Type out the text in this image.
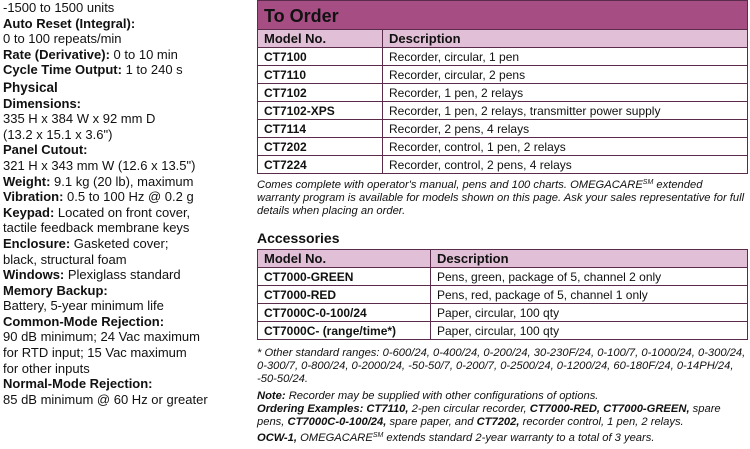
-1500 to 1500 units

Auto Reset (Integral):
0 to 100 repeats/min

Rate (Derivative): 0 to 10 min

Cycle Time Output: 1 to 240 s

Physical

Dimensions:
335 H x 384 W x 92 mm D
(13.2 x 15.1 x 3.6")

Panel Cutout:
321 H x 343 mm W (12.6 x 13.5")

Weight: 9.1 kg (20 lb), maximum

Vibration: 0.5 to 100 Hz @ 0.2 g

Keypad: Located on front cover,
tactile feedback membrane keys

Enclosure: Gasketed cover;
black, structural foam

Windows: Plexiglass standard

Memory Backup:
Battery, 5-year minimum life

Common-Mode Rejection:
90 dB minimum; 24 Vac maximum
for RTD input; 15 Vac maximum
for other inputs

Normal-Mode Rejection:
85 dB minimum @ 60 Hz or greater

To Order
Model No.	Description
CT7100	Recorder, circular, 1 pen
CT7110	Recorder, circular, 2 pens
CT7102	Recorder, 1 pen, 2 relays
CT7102-XPS	Recorder, 1 pen, 2 relays, transmitter power supply
CT7114	Recorder, 2 pens, 4 relays
CT7202	Recorder, control, 1 pen, 2 relays
CT7224	Recorder, control, 2 pens, 4 relays

Comes complete with operator's manual, pens and 100 charts. OMEGACARE℠ extended warranty program is available for models shown on this page. Ask your sales representative for full details when placing an order.

Accessories

Model No.	Description
CT7000-GREEN	Pens, green, package of 5, channel 2 only
CT7000-RED	Pens, red, package of 5, channel 1 only
CT7000C-0-100/24	Paper, circular, 100 qty
CT7000C- (range/time*)	Paper, circular, 100 qty

* Other standard ranges: 0-600/24, 0-400/24, 0-200/24, 30-230F/24, 0-100/7, 0-1000/24, 0-300/24, 0-300/7, 0-800/24, 0-2000/24, -50-50/7, 0-200/7, 0-2500/24, 0-1200/24, 60-180F/24, 0-14PH/24, -50-50/24.

Note: Recorder may be supplied with other configurations of options.
Ordering Examples: CT7110, 2-pen circular recorder, CT7000-RED, CT7000-GREEN, spare pens, CT7000C-0-100/24, spare paper, and CT7202, recorder control, 1 pen, 2 relays.
OCW-1, OMEGACARE℠ extends standard 2-year warranty to a total of 3 years.
